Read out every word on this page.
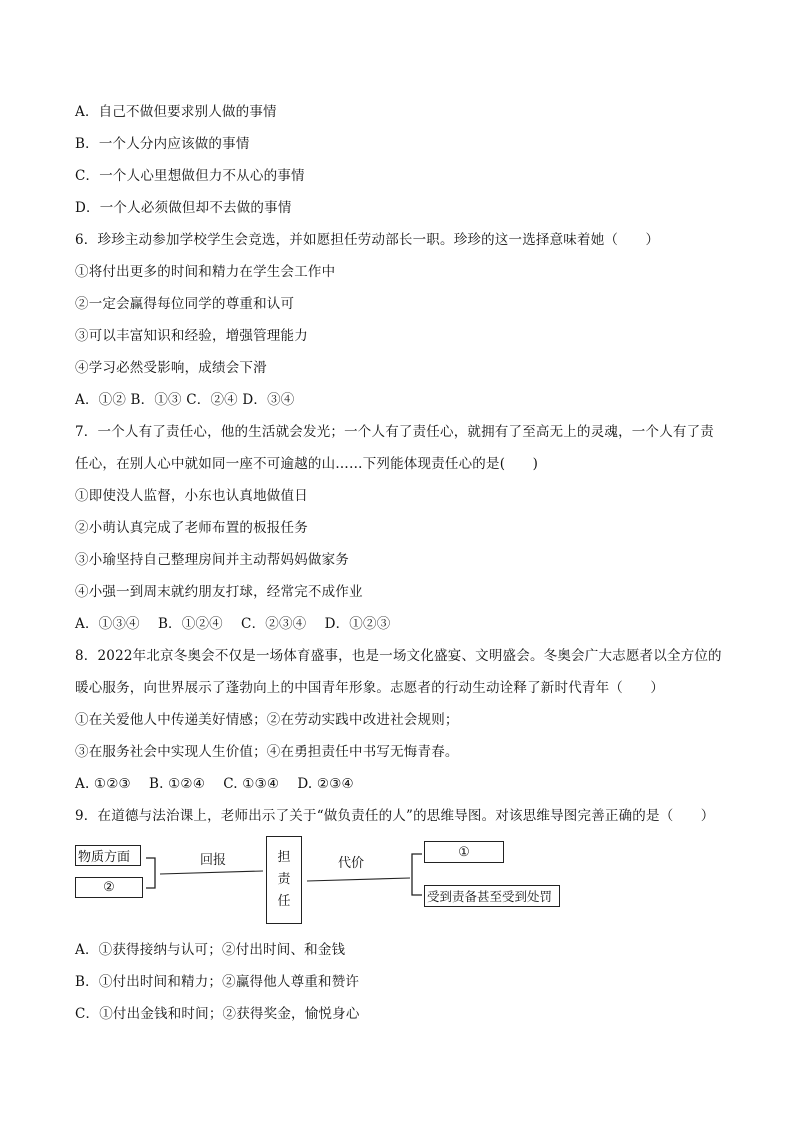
A．自己不做但要求别人做的事情
B．一个人分内应该做的事情
C．一个人心里想做但力不从心的事情
D．一个人必须做但却不去做的事情
6．珍珍主动参加学校学生会竞选，并如愿担任劳动部长一职。珍珍的这一选择意味着她（　　）
①将付出更多的时间和精力在学生会工作中
②一定会赢得每位同学的尊重和认可
③可以丰富知识和经验，增强管理能力
④学习必然受影响，成绩会下滑
A．①② B．①③ C．②④ D．③④
7．一个人有了责任心，他的生活就会发光；一个人有了责任心，就拥有了至高无上的灵魂，一个人有了责
任心，在别人心中就如同一座不可逾越的山……下列能体现责任心的是(　　)
①即使没人监督，小东也认真地做值日
②小萌认真完成了老师布置的板报任务
③小瑜坚持自己整理房间并主动帮妈妈做家务
④小强一到周末就约朋友打球，经常完不成作业
A．①③④　 B．①②④　 C．②③④　 D．①②③
8．2022年北京冬奥会不仅是一场体育盛事，也是一场文化盛宴、文明盛会。冬奥会广大志愿者以全方位的
暖心服务，向世界展示了蓬勃向上的中国青年形象。志愿者的行动生动诠释了新时代青年（　　）
①在关爱他人中传递美好情感；②在劳动实践中改进社会规则；
③在服务社会中实现人生价值；④在勇担责任中书写无悔青春。
A. ①②③　 B. ①②④　 C. ①③④　 D. ②③④
9．在道德与法治课上，老师出示了关于“做负责任的人”的思维导图。对该思维导图完善正确的是（　　）
物质方面
②
回报	担
责
任
代价
①
受到责备甚至受到处罚
A．①获得接纳与认可；②付出时间、和金钱
B．①付出时间和精力；②赢得他人尊重和赞许
C．①付出金钱和时间；②获得奖金，愉悦身心
